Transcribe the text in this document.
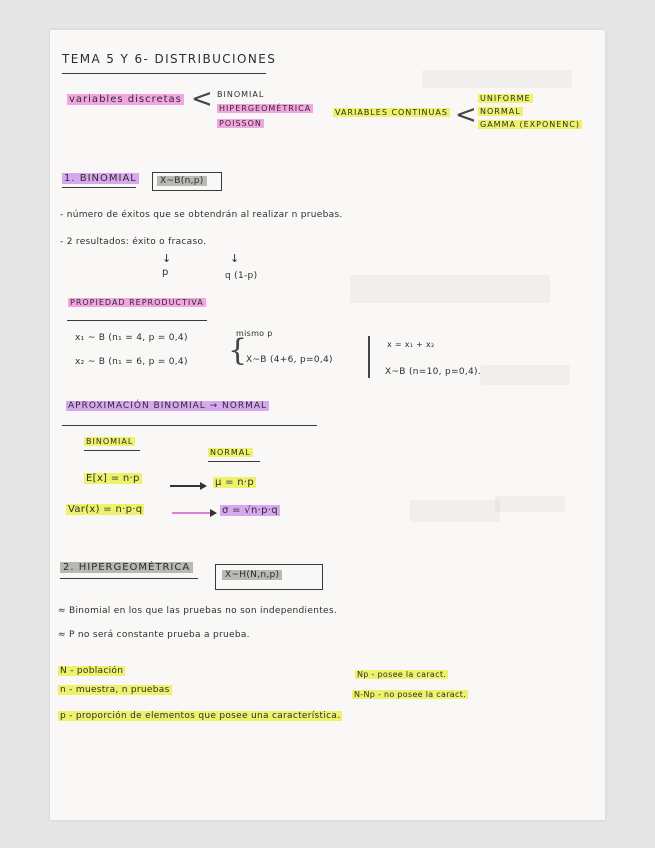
TEMA 5 Y 6- DISTRIBUCIONES
variables discretas < BINOMIAL
HIPERGEOMÉTRICA
POISSON
VARIABLES CONTINUAS <
UNIFORME
NORMAL
GAMMA (EXPONENC)
1. BINOMIAL	X~B(n,p)
- número de éxitos que se obtendrán al realizar n pruebas.
- 2 resultados: éxito o fracaso.
↓	↓
p	q (1-p)
PROPIEDAD REPRODUCTIVA
x₁ ~ B (n₁ = 4, p = 0,4)
x₂ ~ B (n₁ = 6, p = 0,4)
mismo p
{
X~B (4+6, p=0,4)
x = x₁ + x₂
X~B (n=10, p=0,4).
APROXIMACIÓN BINOMIAL → NORMAL
BINOMIAL
NORMAL
E[x] = n·p	μ = n·p
Var(x) = n·p·q	σ = √n·p·q
2. HIPERGEOMÉTRICA
X~H(N,n,p)
≈ Binomial en los que las pruebas no son independientes.
≈ P no será constante prueba a prueba.
N - población
n - muestra, n pruebas
p - proporción de elementos que posee una característica.
Np - posee la caract.
N-Np - no posee la caract.
